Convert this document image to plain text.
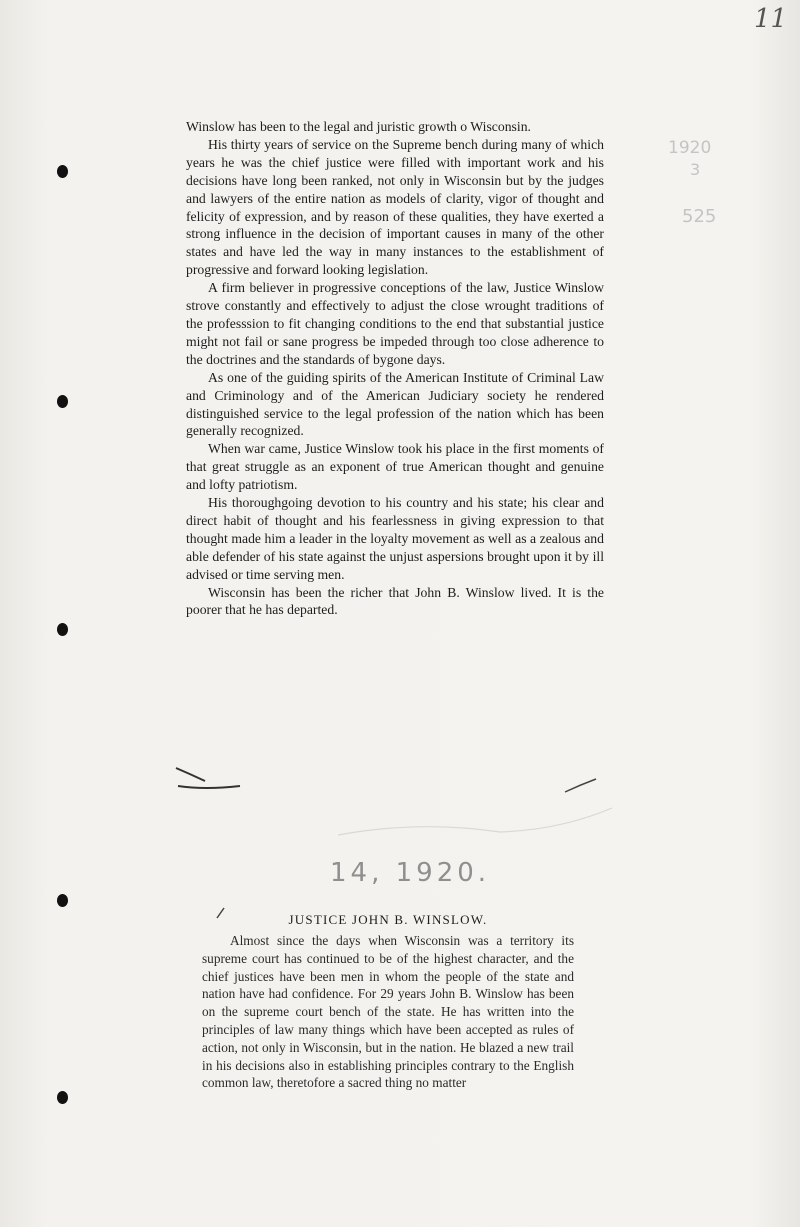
11
1920
3
525

Winslow has been to the legal and juristic growth o Wisconsin.

His thirty years of service on the Supreme bench during many of which years he was the chief justice were filled with important work and his decisions have long been ranked, not only in Wisconsin but by the judges and lawyers of the entire nation as models of clarity, vigor of thought and felicity of expression, and by reason of these qualities, they have exerted a strong influence in the decision of important causes in many of the other states and have led the way in many instances to the establishment of progressive and forward looking legislation.

A firm believer in progressive conceptions of the law, Justice Winslow strove constantly and effectively to adjust the close wrought traditions of the professsion to fit changing conditions to the end that substantial justice might not fail or sane progress be impeded through too close adherence to the doctrines and the standards of bygone days.

As one of the guiding spirits of the American Institute of Criminal Law and Criminology and of the American Judiciary society he rendered distinguished service to the legal profession of the nation which has been generally recognized.

When war came, Justice Winslow took his place in the first moments of that great struggle as an exponent of true American thought and genuine and lofty patriotism.

His thoroughgoing devotion to his country and his state; his clear and direct habit of thought and his fearlessness in giving expression to that thought made him a leader in the loyalty movement as well as a zealous and able defender of his state against the unjust aspersions brought upon it by ill advised or time serving men.

Wisconsin has been the richer that John B. Winslow lived. It is the poorer that he has departed.

14, 1920.
JUSTICE JOHN B. WINSLOW.

Almost since the days when Wisconsin was a territory its supreme court has continued to be of the highest character, and the chief justices have been men in whom the people of the state and nation have had confidence. For 29 years John B. Winslow has been on the supreme court bench of the state. He has written into the principles of law many things which have been accepted as rules of action, not only in Wisconsin, but in the nation. He blazed a new trail in his decisions also in establishing principles contrary to the English common law, theretofore a sacred thing no matter
